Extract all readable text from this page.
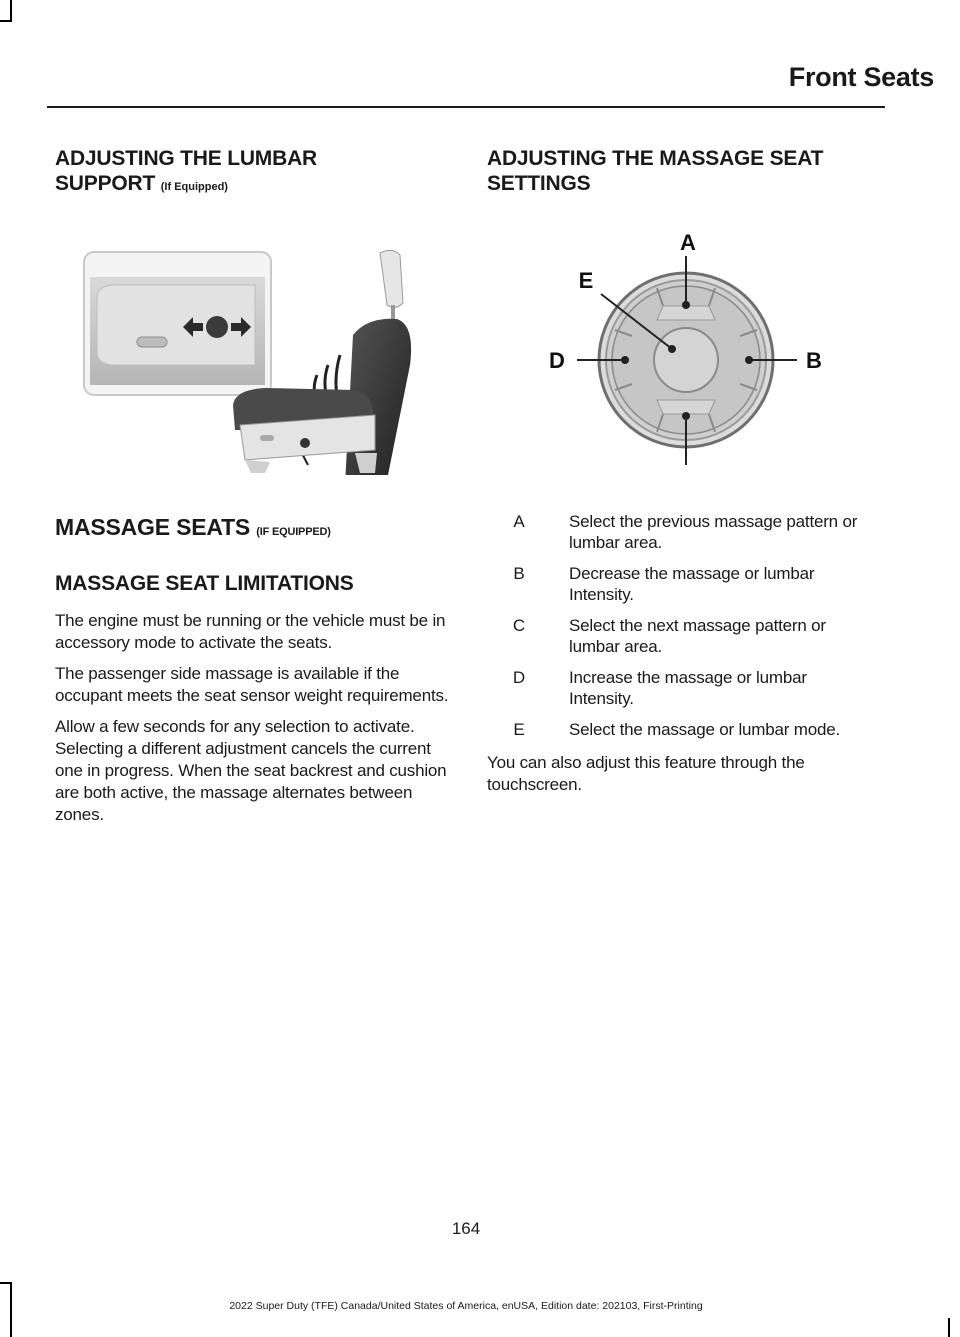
Front Seats
ADJUSTING THE LUMBAR
SUPPORT (If Equipped)
MASSAGE SEATS (IF EQUIPPED)
MASSAGE SEAT LIMITATIONS

The engine must be running or the vehicle must be in accessory mode to activate the seats.

The passenger side massage is available if the occupant meets the seat sensor weight requirements.

Allow a few seconds for any selection to activate. Selecting a different adjustment cancels the current one in progress. When the seat backrest and cushion are both active, the massage alternates between zones.

ADJUSTING THE MASSAGE SEAT SETTINGS
A
B
D
E
A	Select the previous massage pattern or lumbar area.
B	Decrease the massage or lumbar Intensity.
C	Select the next massage pattern or lumbar area.
D	Increase the massage or lumbar Intensity.
E	Select the massage or lumbar mode.

You can also adjust this feature through the touchscreen.

164
2022 Super Duty (TFE) Canada/United States of America, enUSA, Edition date: 202103, First-Printing
